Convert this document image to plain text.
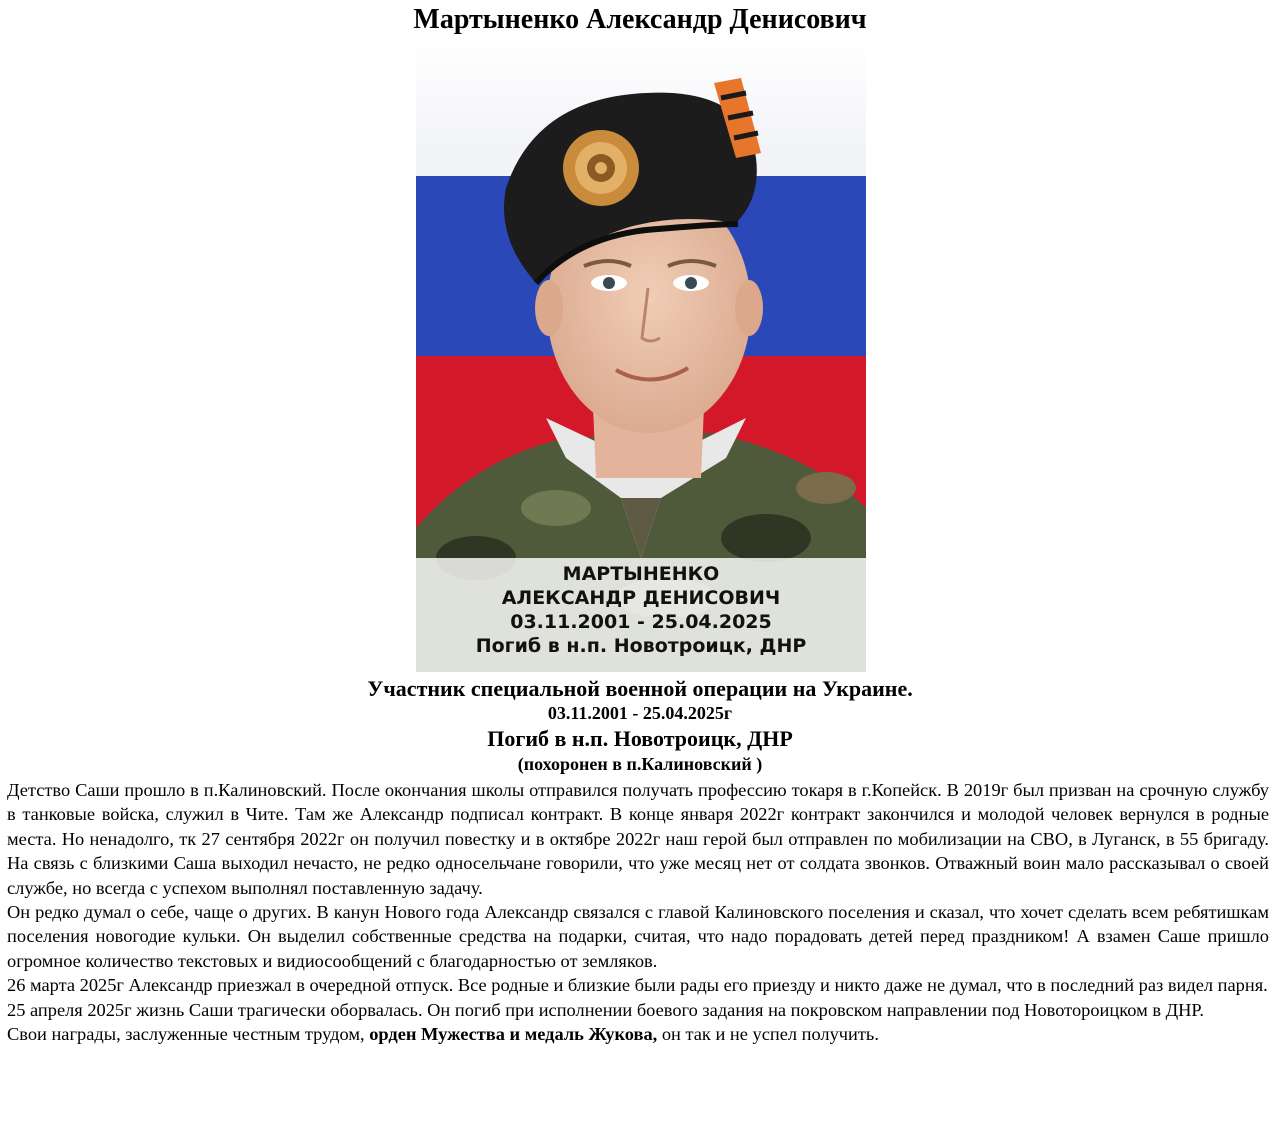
Мартыненко Александр Денисович
МАРТЫНЕНКО
АЛЕКСАНДР ДЕНИСОВИЧ
03.11.2001 - 25.04.2025
Погиб в н.п. Новотроицк, ДНР
Участник специальной военной операции на Украине.
03.11.2001 - 25.04.2025г
Погиб в н.п. Новотроицк, ДНР
(похоронен в п.Калиновский )

Детство Саши прошло в п.Калиновский. После окончания школы отправился получать профессию токаря в г.Копейск. В 2019г был призван на срочную службу в танковые войска, служил в Чите. Там же Александр подписал контракт. В конце января 2022г контракт закончился и молодой человек вернулся в родные места. Но ненадолго, тк 27 сентября 2022г он получил повестку и в октябре 2022г наш герой был отправлен по мобилизации на СВО, в Луганск, в 55 бригаду. На связь с близкими Саша выходил нечасто, не редко односельчане говорили, что уже месяц нет от солдата звонков. Отважный воин мало рассказывал о своей службе, но всегда с успехом выполнял поставленную задачу.

Он редко думал о себе, чаще о других. В канун Нового года Александр связался с главой Калиновского поселения и сказал, что хочет сделать всем ребятишкам поселения новогодие кульки. Он выделил собственные средства на подарки, считая, что надо порадовать детей перед праздником! А взамен Саше пришло огромное количество текстовых и видиосообщений с благодарностью от земляков.

26 марта 2025г Александр приезжал в очередной отпуск. Все родные и близкие были рады его приезду и никто даже не думал, что в последний раз видел парня.

25 апреля 2025г жизнь Саши трагически оборвалась. Он погиб при исполнении боевого задания на покровском направлении под Новоторoицком в ДНР.

Свои награды, заслуженные честным трудом, орден Мужества и медаль Жукова, он так и не успел получить.
